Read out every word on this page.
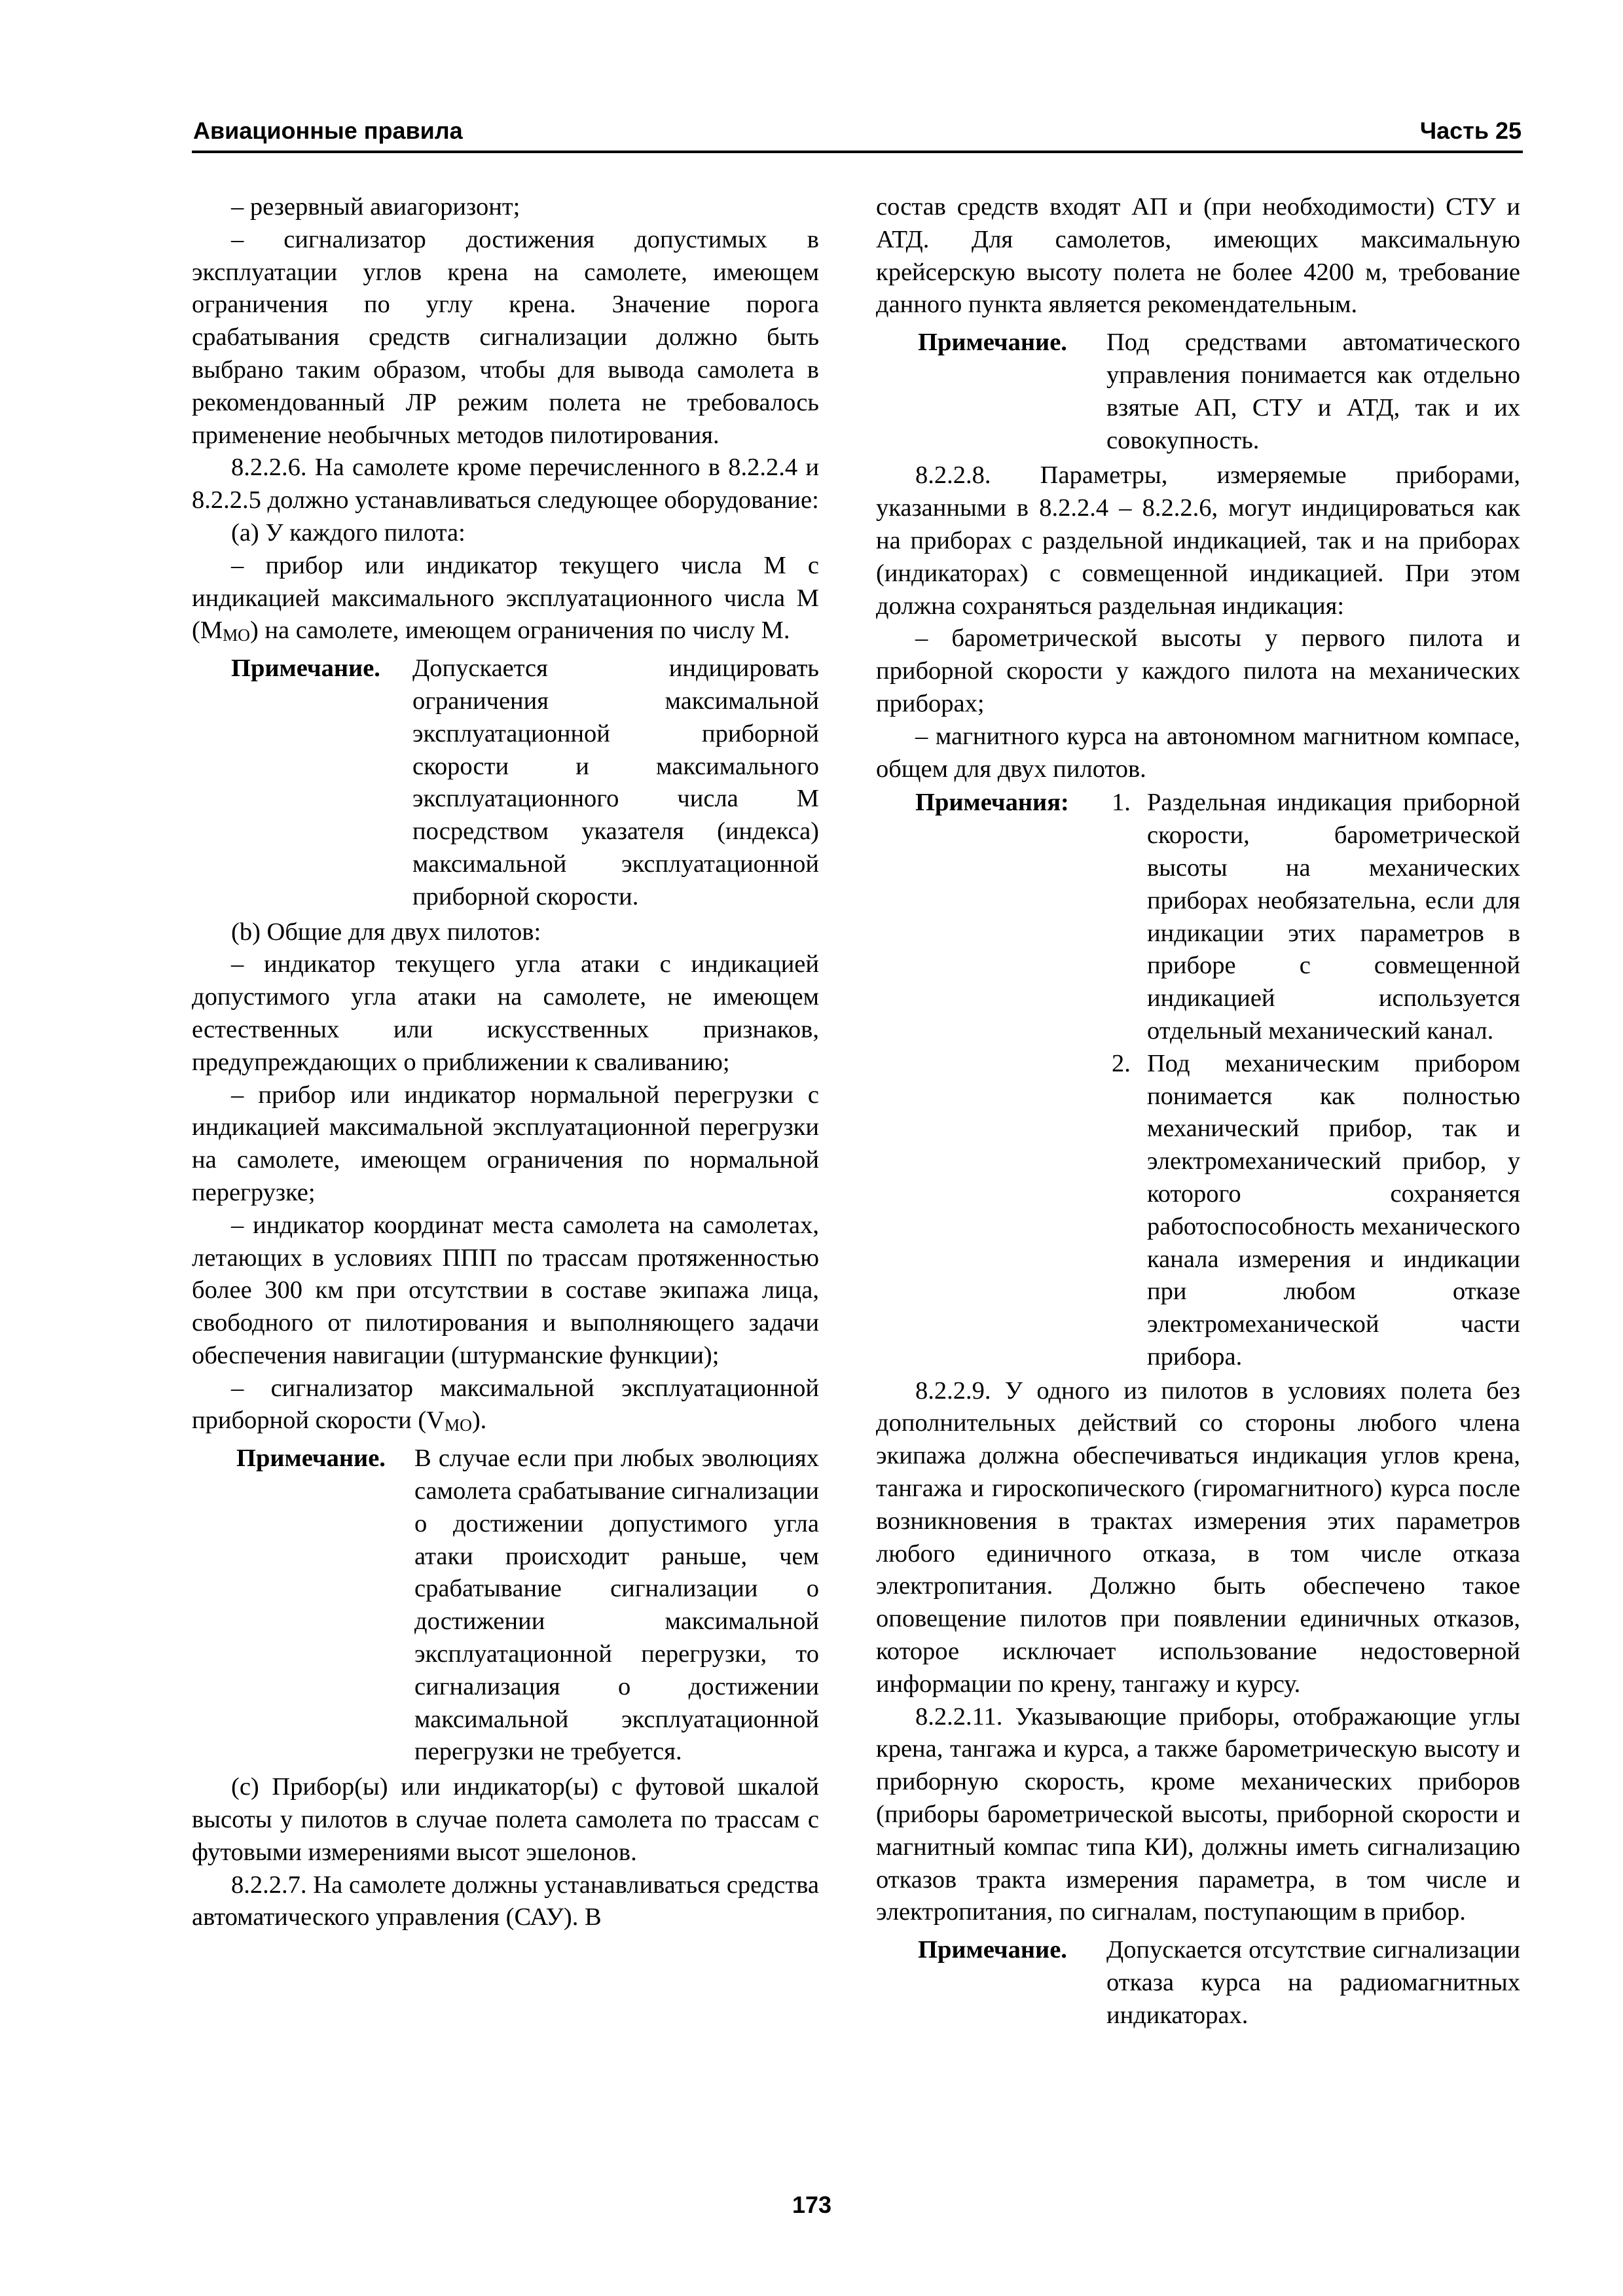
Авиационные правила	Часть 25

– резервный авиагоризонт;

– сигнализатор достижения допустимых в эксплуатации углов крена на самолете, имеющем ограничения по углу крена. Значение порога срабатывания средств сигнализации должно быть выбрано таким образом, чтобы для вывода самолета в рекомендованный ЛР режим полета не требовалось применение необычных методов пилотирования.

8.2.2.6. На самолете кроме перечисленного в 8.2.2.4 и 8.2.2.5 должно устанавливаться следующее оборудование:

(a) У каждого пилота:

– прибор или индикатор текущего числа М с индикацией максимального эксплуатационного числа М $(M_{MO})$ на самолете, имеющем ограничения по числу М.

Примечание.	Допускается индицировать ограничения максимальной эксплуатационной приборной скорости и максимального эксплуатационного числа М посредством указателя (индекса) максимальной эксплуатационной приборной скорости.

(b) Общие для двух пилотов:

– индикатор текущего угла атаки с индикацией допустимого угла атаки на самолете, не имеющем естественных или искусственных признаков, предупреждающих о приближении к сваливанию;

– прибор или индикатор нормальной перегрузки с индикацией максимальной эксплуатационной перегрузки на самолете, имеющем ограничения по нормальной перегрузке;

– индикатор координат места самолета на самолетах, летающих в условиях ППП по трассам протяженностью более 300 км при отсутствии в составе экипажа лица, свободного от пилотирования и выполняющего задачи обеспечения навигации (штурманские функции);

– сигнализатор максимальной эксплуатационной приборной скорости $(V_{MO})$.

Примечание.	В случае если при любых эволюциях самолета срабатывание сигнализации о достижении допустимого угла атаки происходит раньше, чем срабатывание сигнализации о достижении максимальной эксплуатационной перегрузки, то сигнализация о достижении максимальной эксплуатационной перегрузки не требуется.

(c) Прибор(ы) или индикатор(ы) с футовой шкалой высоты у пилотов в случае полета самолета по трассам с футовыми измерениями высот эшелонов.

8.2.2.7. На самолете должны устанавливаться средства автоматического управления (САУ). В

состав средств входят АП и (при необходимости) СТУ и АТД. Для самолетов, имеющих максимальную крейсерскую высоту полета не более 4200 м, требование данного пункта является рекомендательным.

Примечание.	Под средствами автоматического управления понимается как отдельно взятые АП, СТУ и АТД, так и их совокупность.

8.2.2.8. Параметры, измеряемые приборами, указанными в 8.2.2.4 – 8.2.2.6, могут индицироваться как на приборах с раздельной индикацией, так и на приборах (индикаторах) с совмещенной индикацией. При этом должна сохраняться раздельная индикация:

– барометрической высоты у первого пилота и приборной скорости у каждого пилота на механических приборах;

– магнитного курса на автономном магнитном компасе, общем для двух пилотов.

Примечания:	1. Раздельная индикация приборной скорости, барометрической высоты на механических приборах необязательна, если для индикации этих параметров в приборе с совмещенной индикацией используется отдельный механический канал.
2. Под механическим прибором понимается как полностью механический прибор, так и электромеханический прибор, у которого сохраняется работоспособность механического канала измерения и индикации при любом отказе электромеханической части прибора.

8.2.2.9. У одного из пилотов в условиях полета без дополнительных действий со стороны любого члена экипажа должна обеспечиваться индикация углов крена, тангажа и гироскопического (гиромагнитного) курса после возникновения в трактах измерения этих параметров любого единичного отказа, в том числе отказа электропитания. Должно быть обеспечено такое оповещение пилотов при появлении единичных отказов, которое исключает использование недостоверной информации по крену, тангажу и курсу.

8.2.2.11. Указывающие приборы, отображающие углы крена, тангажа и курса, а также барометрическую высоту и приборную скорость, кроме механических приборов (приборы барометрической высоты, приборной скорости и магнитный компас типа КИ), должны иметь сигнализацию отказов тракта измерения параметра, в том числе и электропитания, по сигналам, поступающим в прибор.

Примечание.	Допускается отсутствие сигнализации отказа курса на радиомагнитных индикаторах.
173
